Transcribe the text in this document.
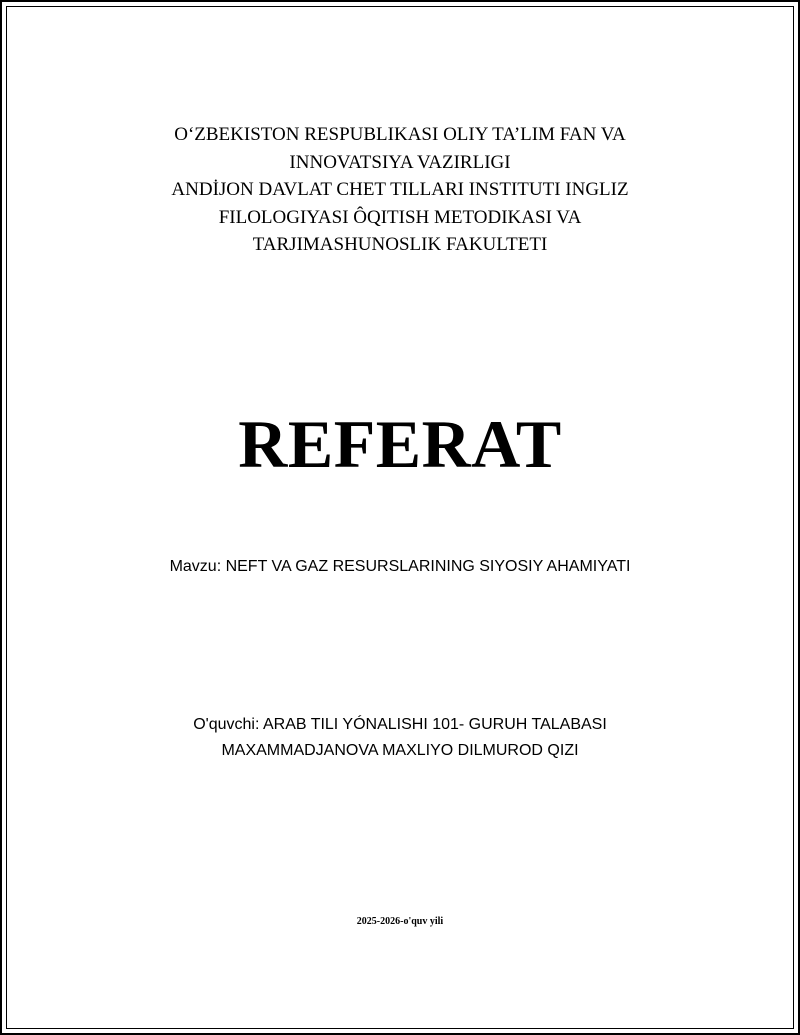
O‘ZBEKISTON RESPUBLIKASI OLIY TA’LIM FAN VA
INNOVATSIYA VAZIRLIGI
ANDİJON DAVLAT CHET TILLARI INSTITUTI INGLIZ
FILOLOGIYASI ÔQITISH METODIKASI VA
TARJIMASHUNOSLIK FAKULTETI
REFERAT
Mavzu: NEFT VA GAZ RESURSLARINING SIYOSIY AHAMIYATI
O'quvchi: ARAB TILI YÓNALISHI 101- GURUH TALABASI
MAXAMMADJANOVA MAXLIYO DILMUROD QIZI
2025-2026-o'quv yili
